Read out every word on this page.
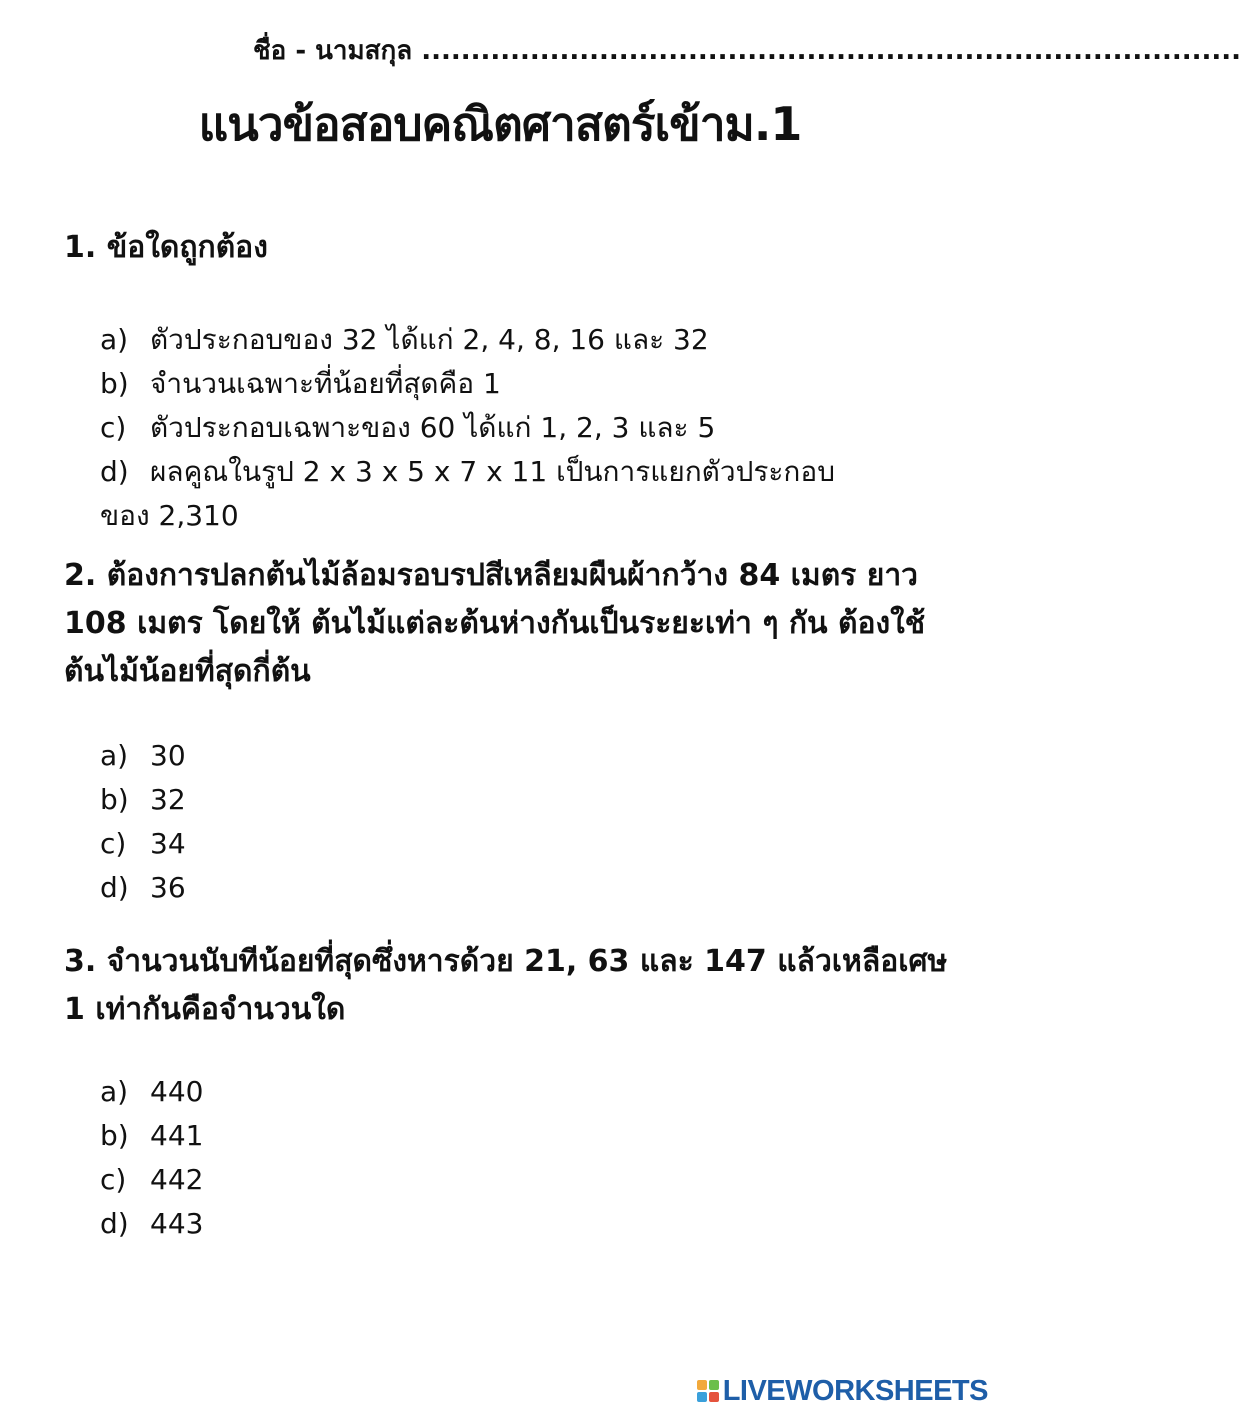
ชื่อ - นามสกุล ...................................................................................
แนวข้อสอบคณิตศาสตร์เข้าม.1

1. ข้อใดถูกต้อง

a) ตัวประกอบของ 32 ได้แก่ 2, 4, 8, 16 และ 32
b) จำนวนเฉพาะที่น้อยที่สุดคือ 1
c) ตัวประกอบเฉพาะของ 60 ได้แก่ 1, 2, 3 และ 5
d) ผลคูณในรูป 2 x 3 x 5 x 7 x 11 เป็นการแยกตัวประกอบ
ของ 2,310

2. ต้องการปลกต้นไม้ล้อมรอบรปสีเหลียมผืนผ้ากว้าง 84 เมตร ยาว 108 เมตร โดยให้ ต้นไม้แต่ละต้นห่างกันเป็นระยะเท่า ๆ กัน ต้องใช้ต้นไม้น้อยที่สุดกี่ต้น

a) 30
b) 32
c) 34
d) 36

3. จำนวนนับทีน้อยที่สุดซึ่งหารด้วย 21, 63 และ 147 แล้วเหลือเศษ 1 เท่ากันคือจำนวนใด

a) 440
b) 441
c) 442
d) 443
LIVEWORKSHEETS
